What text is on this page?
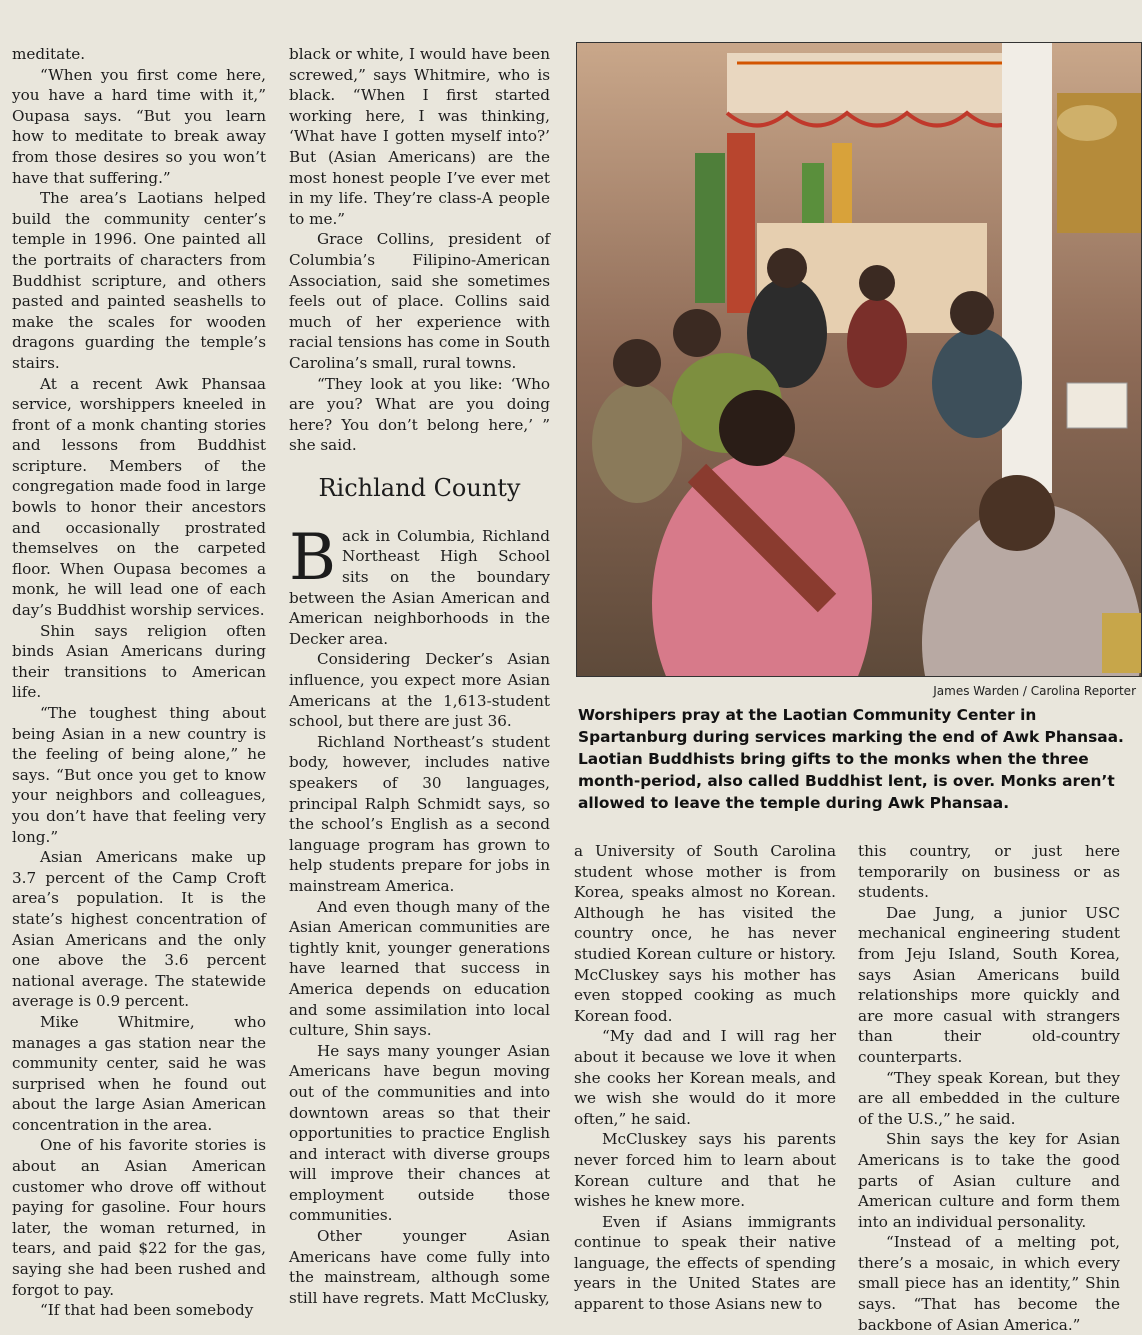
meditate.

“When you first come here, you have a hard time with it,” Oupasa says. “But you learn how to meditate to break away from those desires so you won’t have that suffering.”

The area’s Laotians helped build the community center’s temple in 1996. One painted all the portraits of characters from Buddhist scripture, and others pasted and painted seashells to make the scales for wooden dragons guarding the temple’s stairs.

At a recent Awk Phansaa service, worshippers kneeled in front of a monk chanting stories and lessons from Buddhist scripture. Members of the congregation made food in large bowls to honor their ancestors and occasionally prostrated themselves on the carpeted floor. When Oupasa becomes a monk, he will lead one of each day’s Buddhist worship services.

Shin says religion often binds Asian Americans during their transitions to American life.

“The toughest thing about being Asian in a new country is the feeling of being alone,” he says. “But once you get to know your neighbors and colleagues, you don’t have that feeling very long.”

Asian Americans make up 3.7 percent of the Camp Croft area’s population. It is the state’s highest concentration of Asian Americans and the only one above the 3.6 percent national average. The statewide average is 0.9 percent.

Mike Whitmire, who manages a gas station near the community center, said he was surprised when he found out about the large Asian American concentration in the area.

One of his favorite stories is about an Asian American customer who drove off without paying for gasoline. Four hours later, the woman returned, in tears, and paid $22 for the gas, saying she had been rushed and forgot to pay.

“If that had been somebody

black or white, I would have been screwed,” says Whitmire, who is black. “When I first started working here, I was thinking, ‘What have I gotten myself into?’ But (Asian Americans) are the most honest people I’ve ever met in my life. They’re class-A people to me.”

Grace Collins, president of Columbia’s Filipino-American Association, said she sometimes feels out of place. Collins said much of her experience with racial tensions has come in South Carolina’s small, rural towns.

“They look at you like: ‘Who are you? What are you doing here? You don’t belong here,’ ” she said.

Richland County

Back in Columbia, Richland Northeast High School sits on the boundary between the Asian American and American neighborhoods in the Decker area.

Considering Decker’s Asian influence, you expect more Asian Americans at the 1,613-student school, but there are just 36.

Richland Northeast’s student body, however, includes native speakers of 30 languages, principal Ralph Schmidt says, so the school’s English as a second language program has grown to help students prepare for jobs in mainstream America.

And even though many of the Asian American communities are tightly knit, younger generations have learned that success in America depends on education and some assimilation into local culture, Shin says.

He says many younger Asian Americans have begun moving out of the communities and into downtown areas so that their opportunities to practice English and interact with diverse groups will improve their chances at employment outside those communities.

Other younger Asian Americans have come fully into the mainstream, although some still have regrets. Matt McClusky,

James Warden / Carolina Reporter
Worshipers pray at the Laotian Community Center in Spartanburg during services marking the end of Awk Phansaa. Laotian Buddhists bring gifts to the monks when the three month-period, also called Buddhist lent, is over. Monks aren’t allowed to leave the temple during Awk Phansaa.

a University of South Carolina student whose mother is from Korea, speaks almost no Korean. Although he has visited the country once, he has never studied Korean culture or history. McCluskey says his mother has even stopped cooking as much Korean food.

“My dad and I will rag her about it because we love it when she cooks her Korean meals, and we wish she would do it more often,” he said.

McCluskey says his parents never forced him to learn about Korean culture and that he wishes he knew more.

Even if Asians immigrants continue to speak their native language, the effects of spending years in the United States are apparent to those Asians new to

this country, or just here temporarily on business or as students.

Dae Jung, a junior USC mechanical engineering student from Jeju Island, South Korea, says Asian Americans build relationships more quickly and are more casual with strangers than their old-country counterparts.

“They speak Korean, but they are all embedded in the culture of the U.S.,” he said.

Shin says the key for Asian Americans is to take the good parts of Asian culture and American culture and form them into an individual personality.

“Instead of a melting pot, there’s a mosaic, in which every small piece has an identity,” Shin says. “That has become the backbone of Asian America.”
